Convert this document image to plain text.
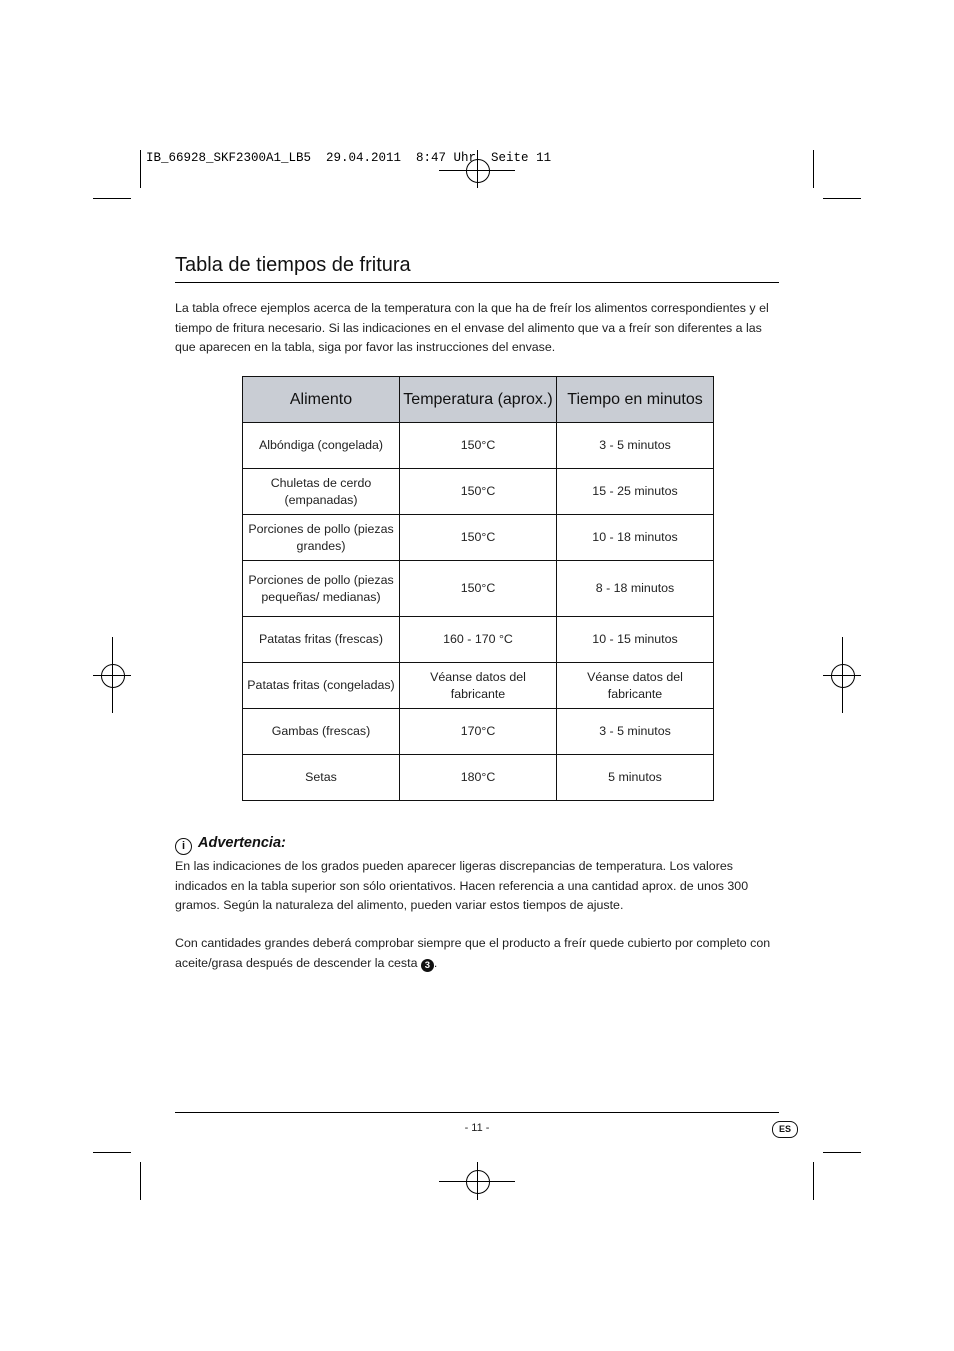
IB_66928_SKF2300A1_LB5  29.04.2011  8:47 Uhr  Seite 11
Tabla de tiempos de fritura
La tabla ofrece ejemplos acerca de la temperatura con la que ha de freír los alimentos correspondientes y el tiempo de fritura necesario. Si las indicaciones en el envase del alimento que va a freír son diferentes a las que aparecen en la tabla, siga por favor las instrucciones del envase.
Alimento	Temperatura (aprox.)	Tiempo en minutos
Albóndiga (congelada)	150°C	3 - 5 minutos
Chuletas de cerdo (empanadas)	150°C	15 - 25 minutos
Porciones de pollo (piezas grandes)	150°C	10 - 18 minutos
Porciones de pollo (piezas pequeñas/ medianas)	150°C	8 - 18 minutos
Patatas fritas (frescas)	160 - 170 °C	10 - 15 minutos
Patatas fritas (congeladas)	Véanse datos del fabricante	Véanse datos del fabricante
Gambas (frescas)	170°C	3 - 5 minutos
Setas	180°C	5 minutos
i Advertencia:
En las indicaciones de los grados pueden aparecer ligeras discrepancias de temperatura. Los valores indicados en la tabla superior son sólo orientativos. Hacen referencia a una cantidad aprox. de unos 300 gramos. Según la naturaleza del alimento, pueden variar estos tiempos de ajuste.
Con cantidades grandes deberá comprobar siempre que el producto a freír quede cubierto por completo con aceite/grasa después de descender la cesta 3 .
- 11 -	ES
